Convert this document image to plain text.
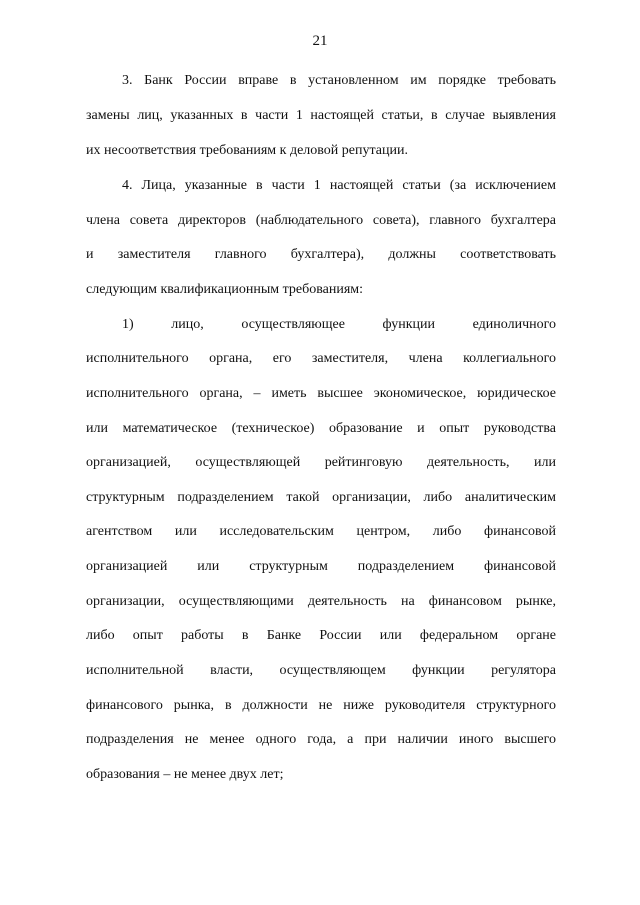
21
3. Банк России вправе в установленном им порядке требовать
замены лиц, указанных в части 1 настоящей статьи, в случае выявления
их несоответствия требованиям к деловой репутации.
4. Лица, указанные в части 1 настоящей статьи (за исключением
члена совета директоров (наблюдательного совета), главного бухгалтера
и заместителя главного бухгалтера), должны соответствовать
следующим квалификационным требованиям:
1) лицо, осуществляющее функции единоличного
исполнительного органа, его заместителя, члена коллегиального
исполнительного органа, – иметь высшее экономическое, юридическое
или математическое (техническое) образование и опыт руководства
организацией, осуществляющей рейтинговую деятельность, или
структурным подразделением такой организации, либо аналитическим
агентством или исследовательским центром, либо финансовой
организацией или структурным подразделением финансовой
организации, осуществляющими деятельность на финансовом рынке,
либо опыт работы в Банке России или федеральном органе
исполнительной власти, осуществляющем функции регулятора
финансового рынка, в должности не ниже руководителя структурного
подразделения не менее одного года, а при наличии иного высшего
образования – не менее двух лет;
